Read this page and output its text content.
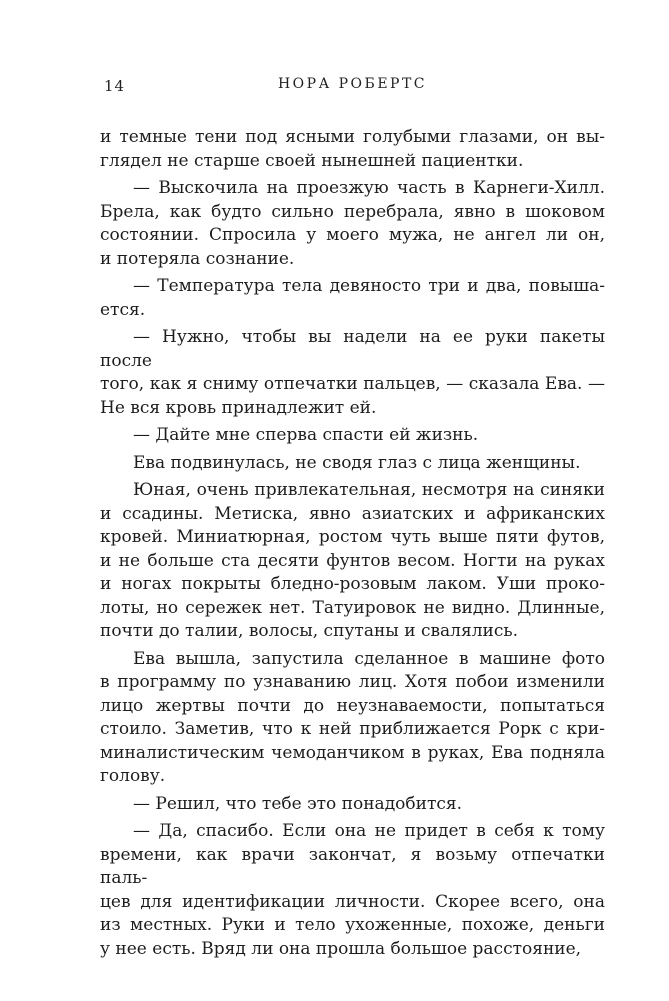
14	НОРА РОБЕРТС

и темные тени под ясными голубыми глазами, он вы-
глядел не старше своей нынешней пациентки.

— Выскочила на проезжую часть в Карнеги-Хилл.
Брела, как будто сильно перебрала, явно в шоковом
состоянии. Спросила у моего мужа, не ангел ли он,
и потеряла сознание.

— Температура тела девяносто три и два, повыша-
ется.

— Нужно, чтобы вы надели на ее руки пакеты после
того, как я сниму отпечатки пальцев, — сказала Ева. —
Не вся кровь принадлежит ей.

— Дайте мне сперва спасти ей жизнь.

Ева подвинулась, не сводя глаз с лица женщины.

Юная, очень привлекательная, несмотря на синяки
и ссадины. Метиска, явно азиатских и африканских
кровей. Миниатюрная, ростом чуть выше пяти футов,
и не больше ста десяти фунтов весом. Ногти на руках
и ногах покрыты бледно-розовым лаком. Уши проко-
лоты, но сережек нет. Татуировок не видно. Длинные,
почти до талии, волосы, спутаны и свалялись.

Ева вышла, запустила сделанное в машине фото
в программу по узнаванию лиц. Хотя побои изменили
лицо жертвы почти до неузнаваемости, попытаться
стоило. Заметив, что к ней приближается Рорк с кри-
миналистическим чемоданчиком в руках, Ева подняла
голову.

— Решил, что тебе это понадобится.

— Да, спасибо. Если она не придет в себя к тому
времени, как врачи закончат, я возьму отпечатки паль-
цев для идентификации личности. Скорее всего, она
из местных. Руки и тело ухоженные, похоже, деньги
у нее есть. Вряд ли она прошла большое расстояние,
